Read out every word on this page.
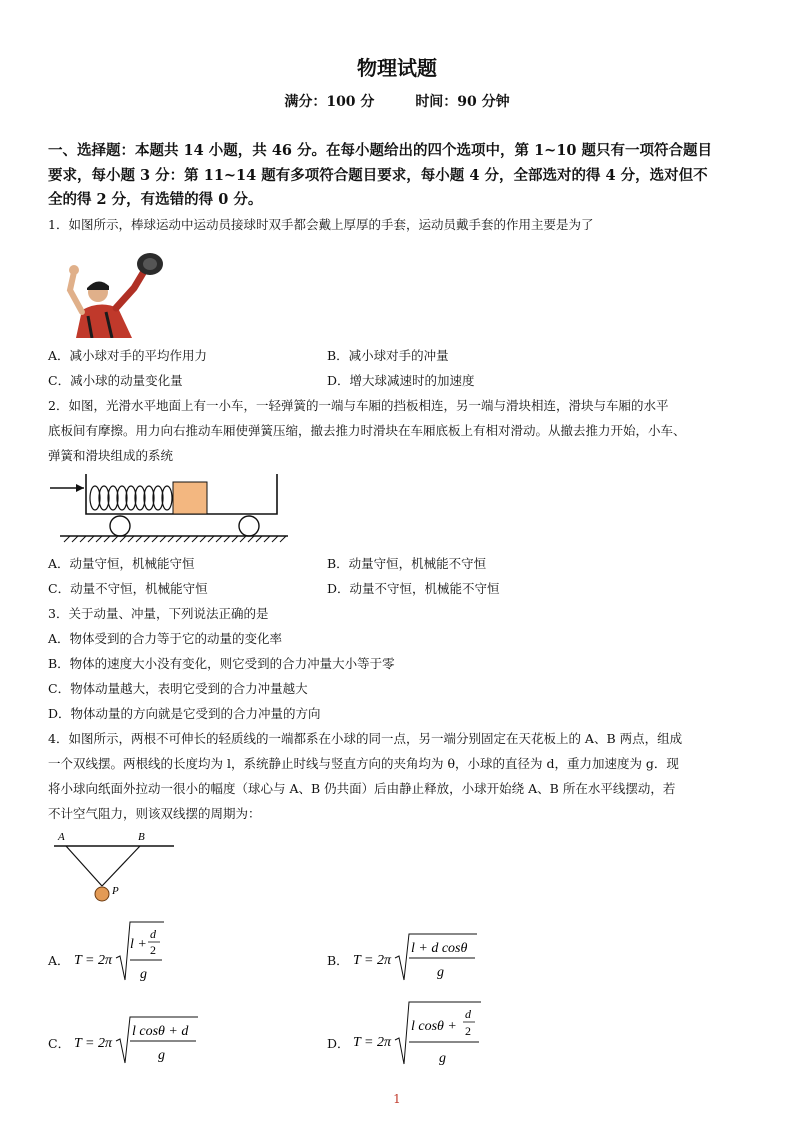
物理试题
满分：100 分	时间：90 分钟
一、选择题：本题共 14 小题，共 46 分。在每小题给出的四个选项中，第 1~10 题只有一项符合题目
要求，每小题 3 分：第 11~14 题有多项符合题目要求，每小题 4 分，全部选对的得 4 分，选对但不
全的得 2 分，有选错的得 0 分。
1．如图所示，棒球运动中运动员接球时双手都会戴上厚厚的手套，运动员戴手套的作用主要是为了
A．减小球对手的平均作用力	B．减小球对手的冲量
C．减小球的动量变化量	D．增大球减速时的加速度
2．如图，光滑水平地面上有一小车，一轻弹簧的一端与车厢的挡板相连，另一端与滑块相连，滑块与车厢的水平
底板间有摩擦。用力向右推动车厢使弹簧压缩，撤去推力时滑块在车厢底板上有相对滑动。从撤去推力开始，小车、
弹簧和滑块组成的系统
A．动量守恒，机械能守恒	B．动量守恒，机械能不守恒
C．动量不守恒，机械能守恒	D．动量不守恒，机械能不守恒
3．关于动量、冲量，下列说法正确的是
A．物体受到的合力等于它的动量的变化率
B．物体的速度大小没有变化，则它受到的合力冲量大小等于零
C．物体动量越大，表明它受到的合力冲量越大
D．物体动量的方向就是它受到的合力冲量的方向
4．如图所示，两根不可伸长的轻质线的一端都系在小球的同一点，另一端分别固定在天花板上的 A、B 两点，组成
一个双线摆。两根线的长度均为 l，系统静止时线与竖直方向的夹角均为 θ，小球的直径为 d，重力加速度为 g．现
将小球向纸面外拉动一很小的幅度（球心与 A、B 仍共面）后由静止释放，小球开始绕 A、B 所在水平线摆动，若
不计空气阻力，则该双线摆的周期为：
A	B
P
A． T = 2π
l +
d
2
g
B． T = 2π
l + d cosθ
g
C． T = 2π
l cosθ + d
g
D． T = 2π
l cosθ +
d
2
g
1
